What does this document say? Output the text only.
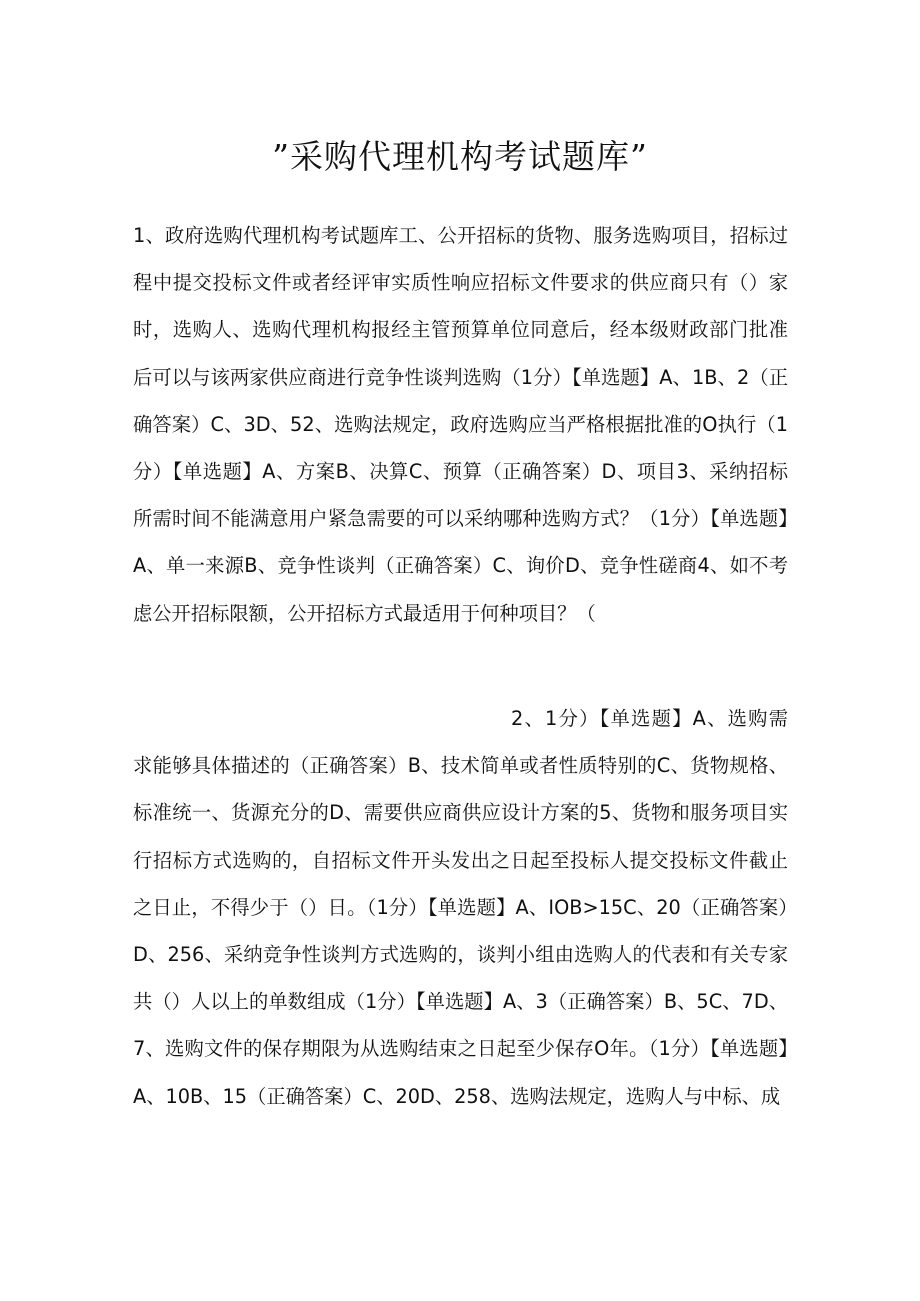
”采购代理机构考试题库”

1、政府选购代理机构考试题库工、公开招标的货物、服务选购项目，招标过程中提交投标文件或者经评审实质性响应招标文件要求的供应商只有（）家时，选购人、选购代理机构报经主管预算单位同意后，经本级财政部门批准后可以与该两家供应商进行竞争性谈判选购（1分）【单选题】A、1B、2（正确答案）C、3D、52、选购法规定，政府选购应当严格根据批准的O执行（1分）【单选题】A、方案B、决算C、预算（正确答案）D、项目3、采纳招标所需时间不能满意用户紧急需要的可以采纳哪种选购方式？（1分）【单选题】A、单一来源B、竞争性谈判（正确答案）C、询价D、竞争性磋商4、如不考虑公开招标限额，公开招标方式最适用于何种项目？（

2、1分）【单选题】A、选购需求能够具体描述的（正确答案）B、技术简单或者性质特别的C、货物规格、标准统一、货源充分的D、需要供应商供应设计方案的5、货物和服务项目实行招标方式选购的，自招标文件开头发出之日起至投标人提交投标文件截止之日止，不得少于（）日。（1分）【单选题】A、IOB>15C、20（正确答案）D、256、采纳竞争性谈判方式选购的，谈判小组由选购人的代表和有关专家共（）人以上的单数组成（1分）【单选题】A、3（正确答案）B、5C、7D、7、选购文件的保存期限为从选购结束之日起至少保存O年。（1分）【单选题】A、10B、15（正确答案）C、20D、258、选购法规定，选购人与中标、成
